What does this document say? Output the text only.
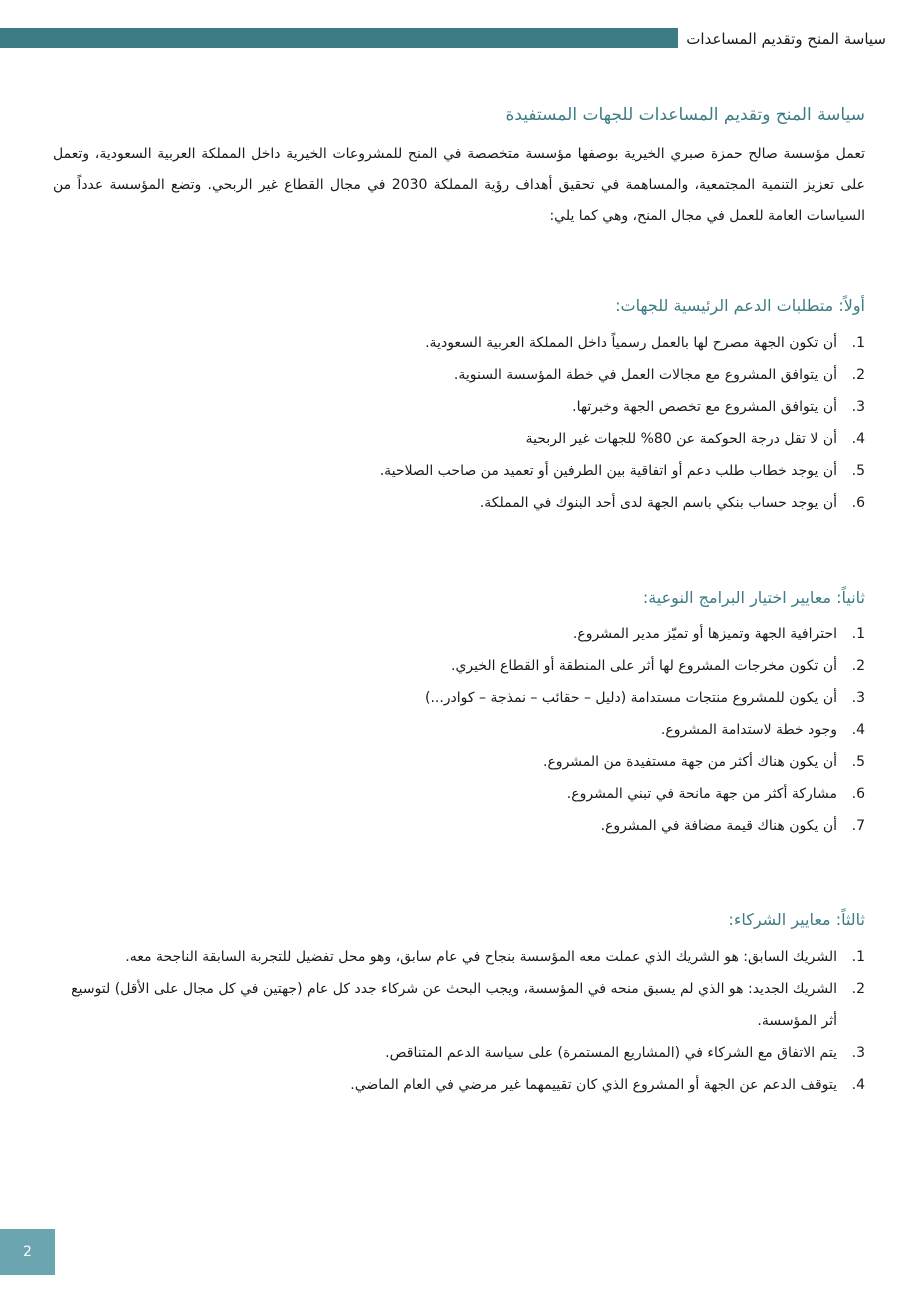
سياسة المنح وتقديم المساعدات
سياسة المنح وتقديم المساعدات للجهات المستفيدة

تعمل مؤسسة صالح حمزة صبري الخيرية بوصفها مؤسسة متخصصة في المنح للمشروعات الخيرية داخل المملكة العربية السعودية، وتعمل على تعزيز التنمية المجتمعية، والمساهمة في تحقيق أهداف رؤية المملكة 2030 في مجال القطاع غير الربحي. وتضع المؤسسة عدداً من السياسات العامة للعمل في مجال المنح، وهي كما يلي:

أولاً: متطلبات الدعم الرئيسية للجهات:
1.
أن تكون الجهة مصرح لها بالعمل رسمياً داخل المملكة العربية السعودية.
2.
أن يتوافق المشروع مع مجالات العمل في خطة المؤسسة السنوية.
3.
أن يتوافق المشروع مع تخصص الجهة وخبرتها.
4.
أن لا تقل درجة الحوكمة عن 80% للجهات غير الربحية
5.
أن يوجد خطاب طلب دعم أو اتفاقية بين الطرفين أو تعميد من صاحب الصلاحية.
6.
أن يوجد حساب بنكي باسم الجهة لدى أحد البنوك في المملكة.
ثانياً: معايير اختيار البرامج النوعية:
1.
احترافية الجهة وتميزها أو تميّز مدير المشروع.
2.
أن تكون مخرجات المشروع لها أثر على المنطقة أو القطاع الخيري.
3.
أن يكون للمشروع منتجات مستدامة (دليل – حقائب – نمذجة – كوادر...)
4.
وجود خطة لاستدامة المشروع.
5.
أن يكون هناك أكثر من جهة مستفيدة من المشروع.
6.
مشاركة أكثر من جهة مانحة في تبني المشروع.
7.
أن يكون هناك قيمة مضافة في المشروع.
ثالثاً: معايير الشركاء:
1.
الشريك السابق: هو الشريك الذي عملت معه المؤسسة بنجاح في عام سابق، وهو محل تفضيل للتجربة السابقة الناجحة معه.
2.
الشريك الجديد: هو الذي لم يسبق منحه في المؤسسة، ويجب البحث عن شركاء جدد كل عام (جهتين في كل مجال على الأقل) لتوسيع أثر المؤسسة.
3.
يتم الاتفاق مع الشركاء في (المشاريع المستمرة) على سياسة الدعم المتناقص.
4.
يتوقف الدعم عن الجهة أو المشروع الذي كان تقييمهما غير مرضي في العام الماضي.
2
